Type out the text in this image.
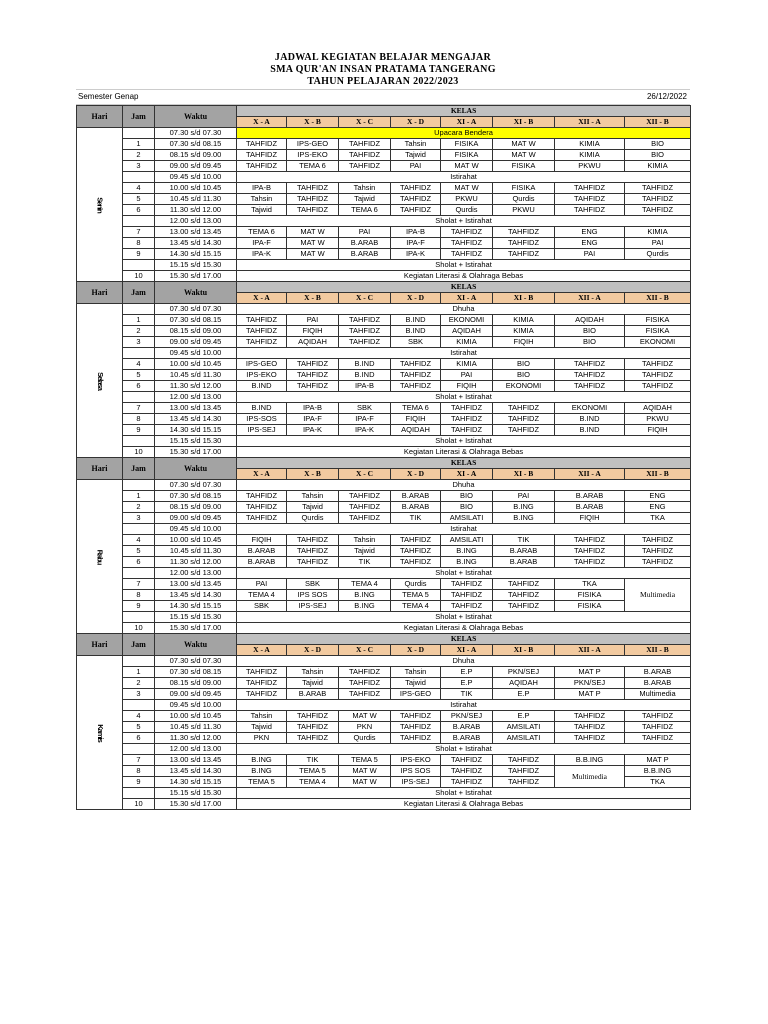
JADWAL KEGIATAN BELAJAR MENGAJAR
SMA QUR'AN INSAN PRATAMA TANGERANG
TAHUN PELAJARAN 2022/2023
Semester Genap	26/12/2022
Hari	Jam	Waktu	KELAS							
			X - A	X - B	X - C	X - D	XI - A	XI - B	XII - A	XII - B
Senin		07.30 s/d 07.30	Upacara Bendera							
	1	07.30 s/d 08.15	TAHFIDZ	IPS-GEO	TAHFIDZ	Tahsin	FISIKA	MAT W	KIMIA	BIO
	2	08.15 s/d 09.00	TAHFIDZ	IPS-EKO	TAHFIDZ	Tajwid	FISIKA	MAT W	KIMIA	BIO
	3	09.00 s/d 09.45	TAHFIDZ	TEMA 6	TAHFIDZ	PAI	MAT W	FISIKA	PKWU	KIMIA
		09.45 s/d 10.00	Istirahat							
	4	10.00 s/d 10.45	IPA-B	TAHFIDZ	Tahsin	TAHFIDZ	MAT W	FISIKA	TAHFIDZ	TAHFIDZ
	5	10.45 s/d 11.30	Tahsin	TAHFIDZ	Tajwid	TAHFIDZ	PKWU	Qurdis	TAHFIDZ	TAHFIDZ
	6	11.30 s/d 12.00	Tajwid	TAHFIDZ	TEMA 6	TAHFIDZ	Qurdis	PKWU	TAHFIDZ	TAHFIDZ
		12.00 s/d 13.00	Sholat + Istirahat							
	7	13.00 s/d 13.45	TEMA 6	MAT W	PAI	IPA-B	TAHFIDZ	TAHFIDZ	ENG	KIMIA
	8	13.45 s/d 14.30	IPA-F	MAT W	B.ARAB	IPA-F	TAHFIDZ	TAHFIDZ	ENG	PAI
	9	14.30 s/d 15.15	IPA-K	MAT W	B.ARAB	IPA-K	TAHFIDZ	TAHFIDZ	PAI	Qurdis
		15.15 s/d 15.30	Sholat + Istirahat							
	10	15.30 s/d 17.00	Kegiatan Literasi & Olahraga Bebas							
Hari	Jam	Waktu	KELAS							
			X - A	X - B	X - C	X - D	XI - A	XI - B	XII - A	XII - B
Selasa		07.30 s/d 07.30	Dhuha							
	1	07.30 s/d 08.15	TAHFIDZ	PAI	TAHFIDZ	B.IND	EKONOMI	KIMIA	AQIDAH	FISIKA
	2	08.15 s/d 09.00	TAHFIDZ	FIQIH	TAHFIDZ	B.IND	AQIDAH	KIMIA	BIO	FISIKA
	3	09.00 s/d 09.45	TAHFIDZ	AQIDAH	TAHFIDZ	SBK	KIMIA	FIQIH	BIO	EKONOMI
		09.45 s/d 10.00	Istirahat							
	4	10.00 s/d 10.45	IPS-GEO	TAHFIDZ	B.IND	TAHFIDZ	KIMIA	BIO	TAHFIDZ	TAHFIDZ
	5	10.45 s/d 11.30	IPS-EKO	TAHFIDZ	B.IND	TAHFIDZ	PAI	BIO	TAHFIDZ	TAHFIDZ
	6	11.30 s/d 12.00	B.IND	TAHFIDZ	IPA-B	TAHFIDZ	FIQIH	EKONOMI	TAHFIDZ	TAHFIDZ
		12.00 s/d 13.00	Sholat + Istirahat							
	7	13.00 s/d 13.45	B.IND	IPA-B	SBK	TEMA 6	TAHFIDZ	TAHFIDZ	EKONOMI	AQIDAH
	8	13.45 s/d 14.30	IPS-SOS	IPA-F	IPA-F	FIQIH	TAHFIDZ	TAHFIDZ	B.IND	PKWU
	9	14.30 s/d 15.15	IPS-SEJ	IPA-K	IPA-K	AQIDAH	TAHFIDZ	TAHFIDZ	B.IND	FIQIH
		15.15 s/d 15.30	Sholat + Istirahat							
	10	15.30 s/d 17.00	Kegiatan Literasi & Olahraga Bebas							
Hari	Jam	Waktu	KELAS							
			X - A	X - B	X - C	X - D	XI - A	XI - B	XII - A	XII - B
Rabu		07.30 s/d 07.30	Dhuha							
	1	07.30 s/d 08.15	TAHFIDZ	Tahsin	TAHFIDZ	B.ARAB	BIO	PAI	B.ARAB	ENG
	2	08.15 s/d 09.00	TAHFIDZ	Tajwid	TAHFIDZ	B.ARAB	BIO	B.ING	B.ARAB	ENG
	3	09.00 s/d 09.45	TAHFIDZ	Qurdis	TAHFIDZ	TIK	AMSILATI	B.ING	FIQIH	TKA
		09.45 s/d 10.00	Istirahat							
	4	10.00 s/d 10.45	FIQIH	TAHFIDZ	Tahsin	TAHFIDZ	AMSILATI	TIK	TAHFIDZ	TAHFIDZ
	5	10.45 s/d 11.30	B.ARAB	TAHFIDZ	Tajwid	TAHFIDZ	B.ING	B.ARAB	TAHFIDZ	TAHFIDZ
	6	11.30 s/d 12.00	B.ARAB	TAHFIDZ	TIK	TAHFIDZ	B.ING	B.ARAB	TAHFIDZ	TAHFIDZ
		12.00 s/d 13.00	Sholat + Istirahat							
	7	13.00 s/d 13.45	PAI	SBK	TEMA 4	Qurdis	TAHFIDZ	TAHFIDZ	TKA	Multimedia
	8	13.45 s/d 14.30	TEMA 4	IPS SOS	B.ING	TEMA 5	TAHFIDZ	TAHFIDZ	FISIKA	
	9	14.30 s/d 15.15	SBK	IPS-SEJ	B.ING	TEMA 4	TAHFIDZ	TAHFIDZ	FISIKA	
		15.15 s/d 15.30	Sholat + Istirahat							
	10	15.30 s/d 17.00	Kegiatan Literasi & Olahraga Bebas							
Hari	Jam	Waktu	KELAS							
			X - A	X - D	X - C	X - D	XI - A	XI - B	XII - A	XII - B
Kamis		07.30 s/d 07.30	Dhuha							
	1	07.30 s/d 08.15	TAHFIDZ	Tahsin	TAHFIDZ	Tahsin	E.P	PKN/SEJ	MAT P	B.ARAB
	2	08.15 s/d 09.00	TAHFIDZ	Tajwid	TAHFIDZ	Tajwid	E.P	AQIDAH	PKN/SEJ	B.ARAB
	3	09.00 s/d 09.45	TAHFIDZ	B.ARAB	TAHFIDZ	IPS-GEO	TIK	E.P	MAT P	Multimedia
		09.45 s/d 10.00	Istirahat							
	4	10.00 s/d 10.45	Tahsin	TAHFIDZ	MAT W	TAHFIDZ	PKN/SEJ	E.P	TAHFIDZ	TAHFIDZ
	5	10.45 s/d 11.30	Tajwid	TAHFIDZ	PKN	TAHFIDZ	B.ARAB	AMSILATI	TAHFIDZ	TAHFIDZ
	6	11.30 s/d 12.00	PKN	TAHFIDZ	Qurdis	TAHFIDZ	B.ARAB	AMSILATI	TAHFIDZ	TAHFIDZ
		12.00 s/d 13.00	Sholat + Istirahat							
	7	13.00 s/d 13.45	B.ING	TIK	TEMA 5	IPS-EKO	TAHFIDZ	TAHFIDZ	B.B.ING	MAT P
	8	13.45 s/d 14.30	B.ING	TEMA 5	MAT W	IPS SOS	TAHFIDZ	TAHFIDZ	Multimedia	B.B.ING
	9	14.30 s/d 15.15	TEMA 5	TEMA 4	MAT W	IPS-SEJ	TAHFIDZ	TAHFIDZ		TKA
		15.15 s/d 15.30	Sholat + Istirahat							
	10	15.30 s/d 17.00	Kegiatan Literasi & Olahraga Bebas							
